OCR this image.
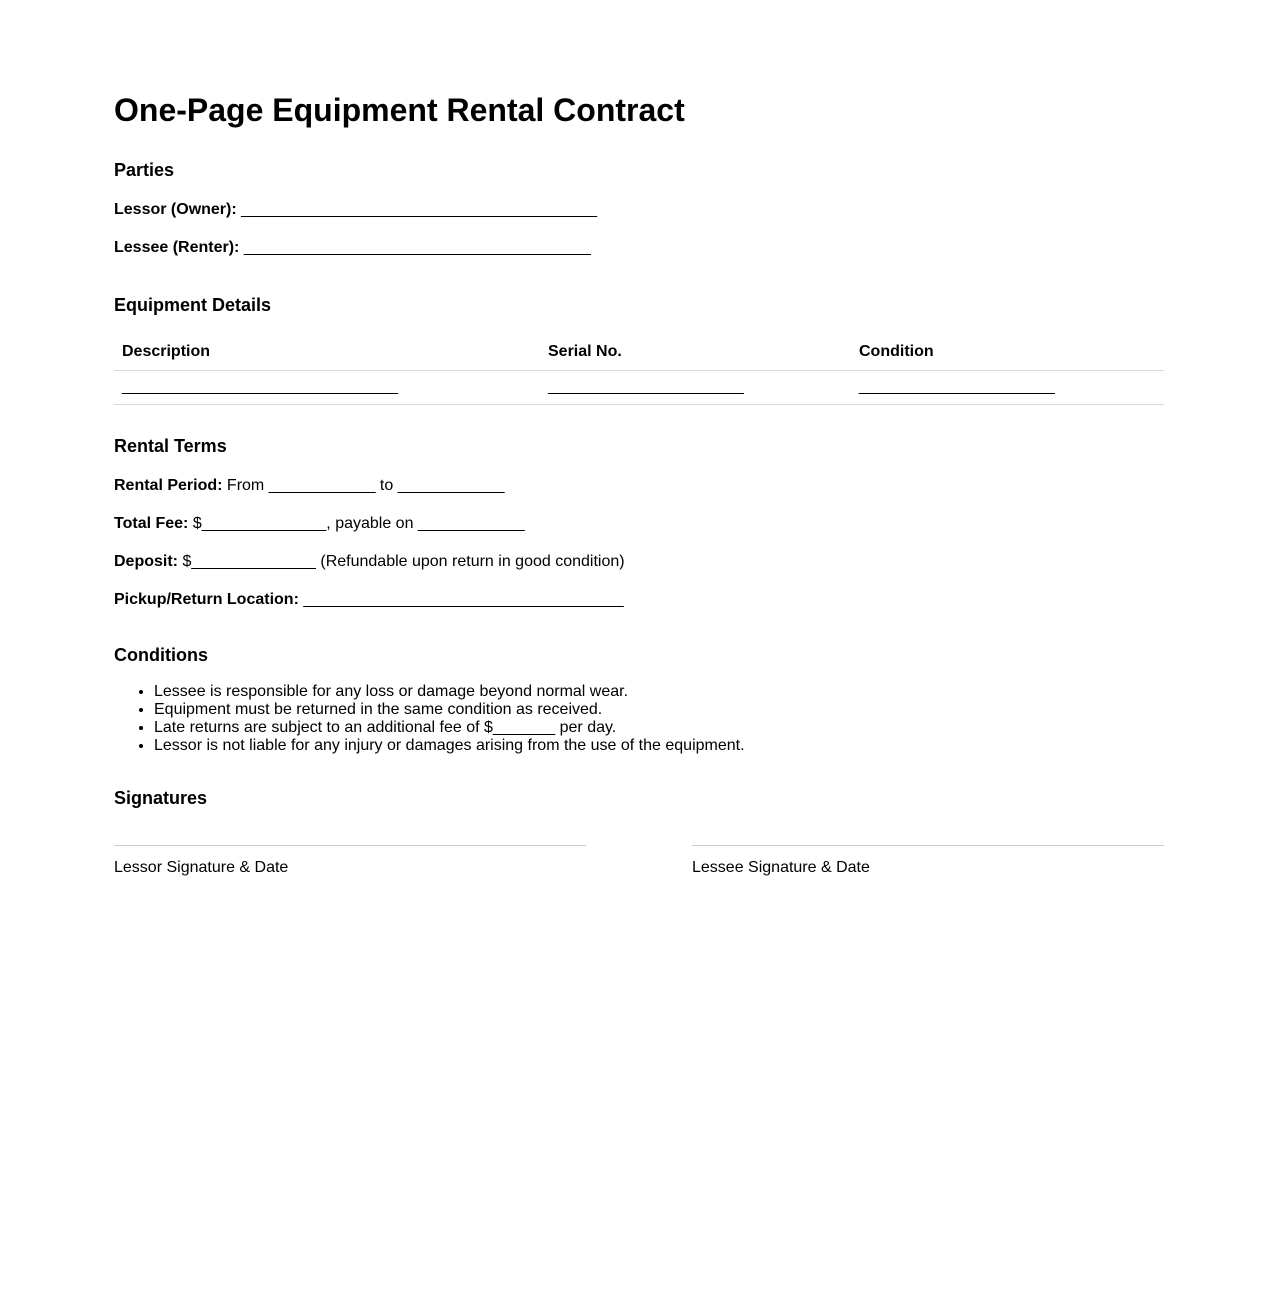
One-Page Equipment Rental Contract
Parties
Lessor (Owner): ________________________________________
Lessee (Renter): _______________________________________
Equipment Details
Description	Serial No.	Condition
_______________________________	______________________	______________________
Rental Terms
Rental Period: From ____________ to ____________
Total Fee: $______________, payable on ____________
Deposit: $______________ (Refundable upon return in good condition)
Pickup/Return Location: ____________________________________
Conditions
• Lessee is responsible for any loss or damage beyond normal wear.
• Equipment must be returned in the same condition as received.
• Late returns are subject to an additional fee of $_______ per day.
• Lessor is not liable for any injury or damages arising from the use of the equipment.
Signatures
Lessor Signature & Date	Lessee Signature & Date
